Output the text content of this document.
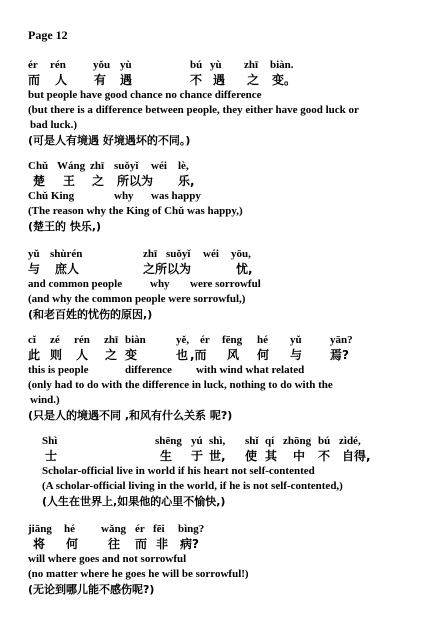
Page 12
ér rén yǒu yù	bú yù zhī biàn.
而 人 有 遇	不 遇 之 变。
but people have good chance no chance difference
(but there is a difference between people, they either have good luck or
bad luck.)
(可是人有境遇 好境遇坏的不同。)
Chǔ Wáng zhī suǒyǐ wéi lè,
楚 王 之 所以为 乐,
Chǔ King	why was happy
(The reason why the King of Chǔ was happy,)
(楚王的 快乐,)
yǔ shùrén	zhī suǒyǐ wéi yōu,
与 庶人	之所以为	忧,
and common people	why were sorrowful
(and why the common people were sorrowful,)
(和老百姓的忧伤的原因,)
cǐ zé rén zhī biàn	yě, ér fēng hé yǔ	yān?
此 则 人 之 变	也 ,而 风 何 与 焉?
this is people	difference with wind what related
(only had to do with the difference in luck, nothing to do with the
wind.)
(只是人的境遇不同 ,和风有什么关系 呢?)
Shì	shēng yú shì, shǐ qí zhōng bú zìdé,
士	生 于 世, 使 其 中 不 自得,
Scholar-official live in world if his heart not self-contented
(A scholar-official living in the world, if he is not self-contented,)
(人生在世界上,如果他的心里不愉快,)
jiāng hé wǎng ér fēi bìng?
将 何 往 而 非 病?
will where goes and not sorrowful
(no matter where he goes he will be sorrowful!)
(无论到哪儿能不感伤呢?)
